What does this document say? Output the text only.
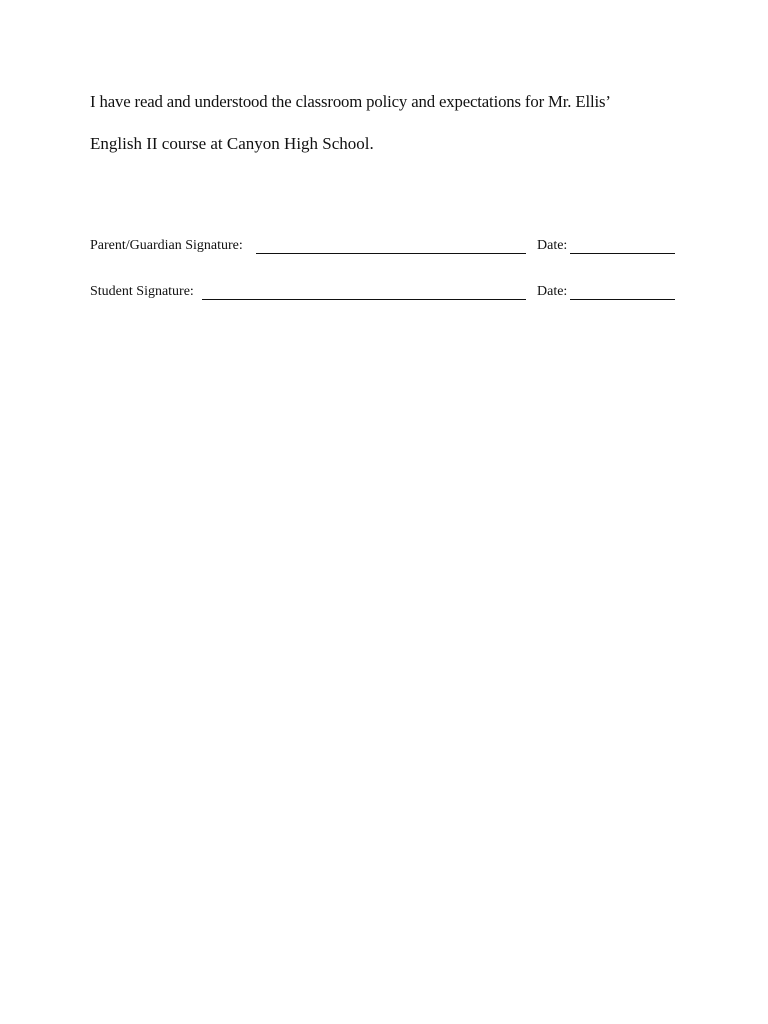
I have read and understood the classroom policy and expectations for Mr. Ellis’
English II course at Canyon High School.
Parent/Guardian Signature:	Date:
Student Signature:	Date:
